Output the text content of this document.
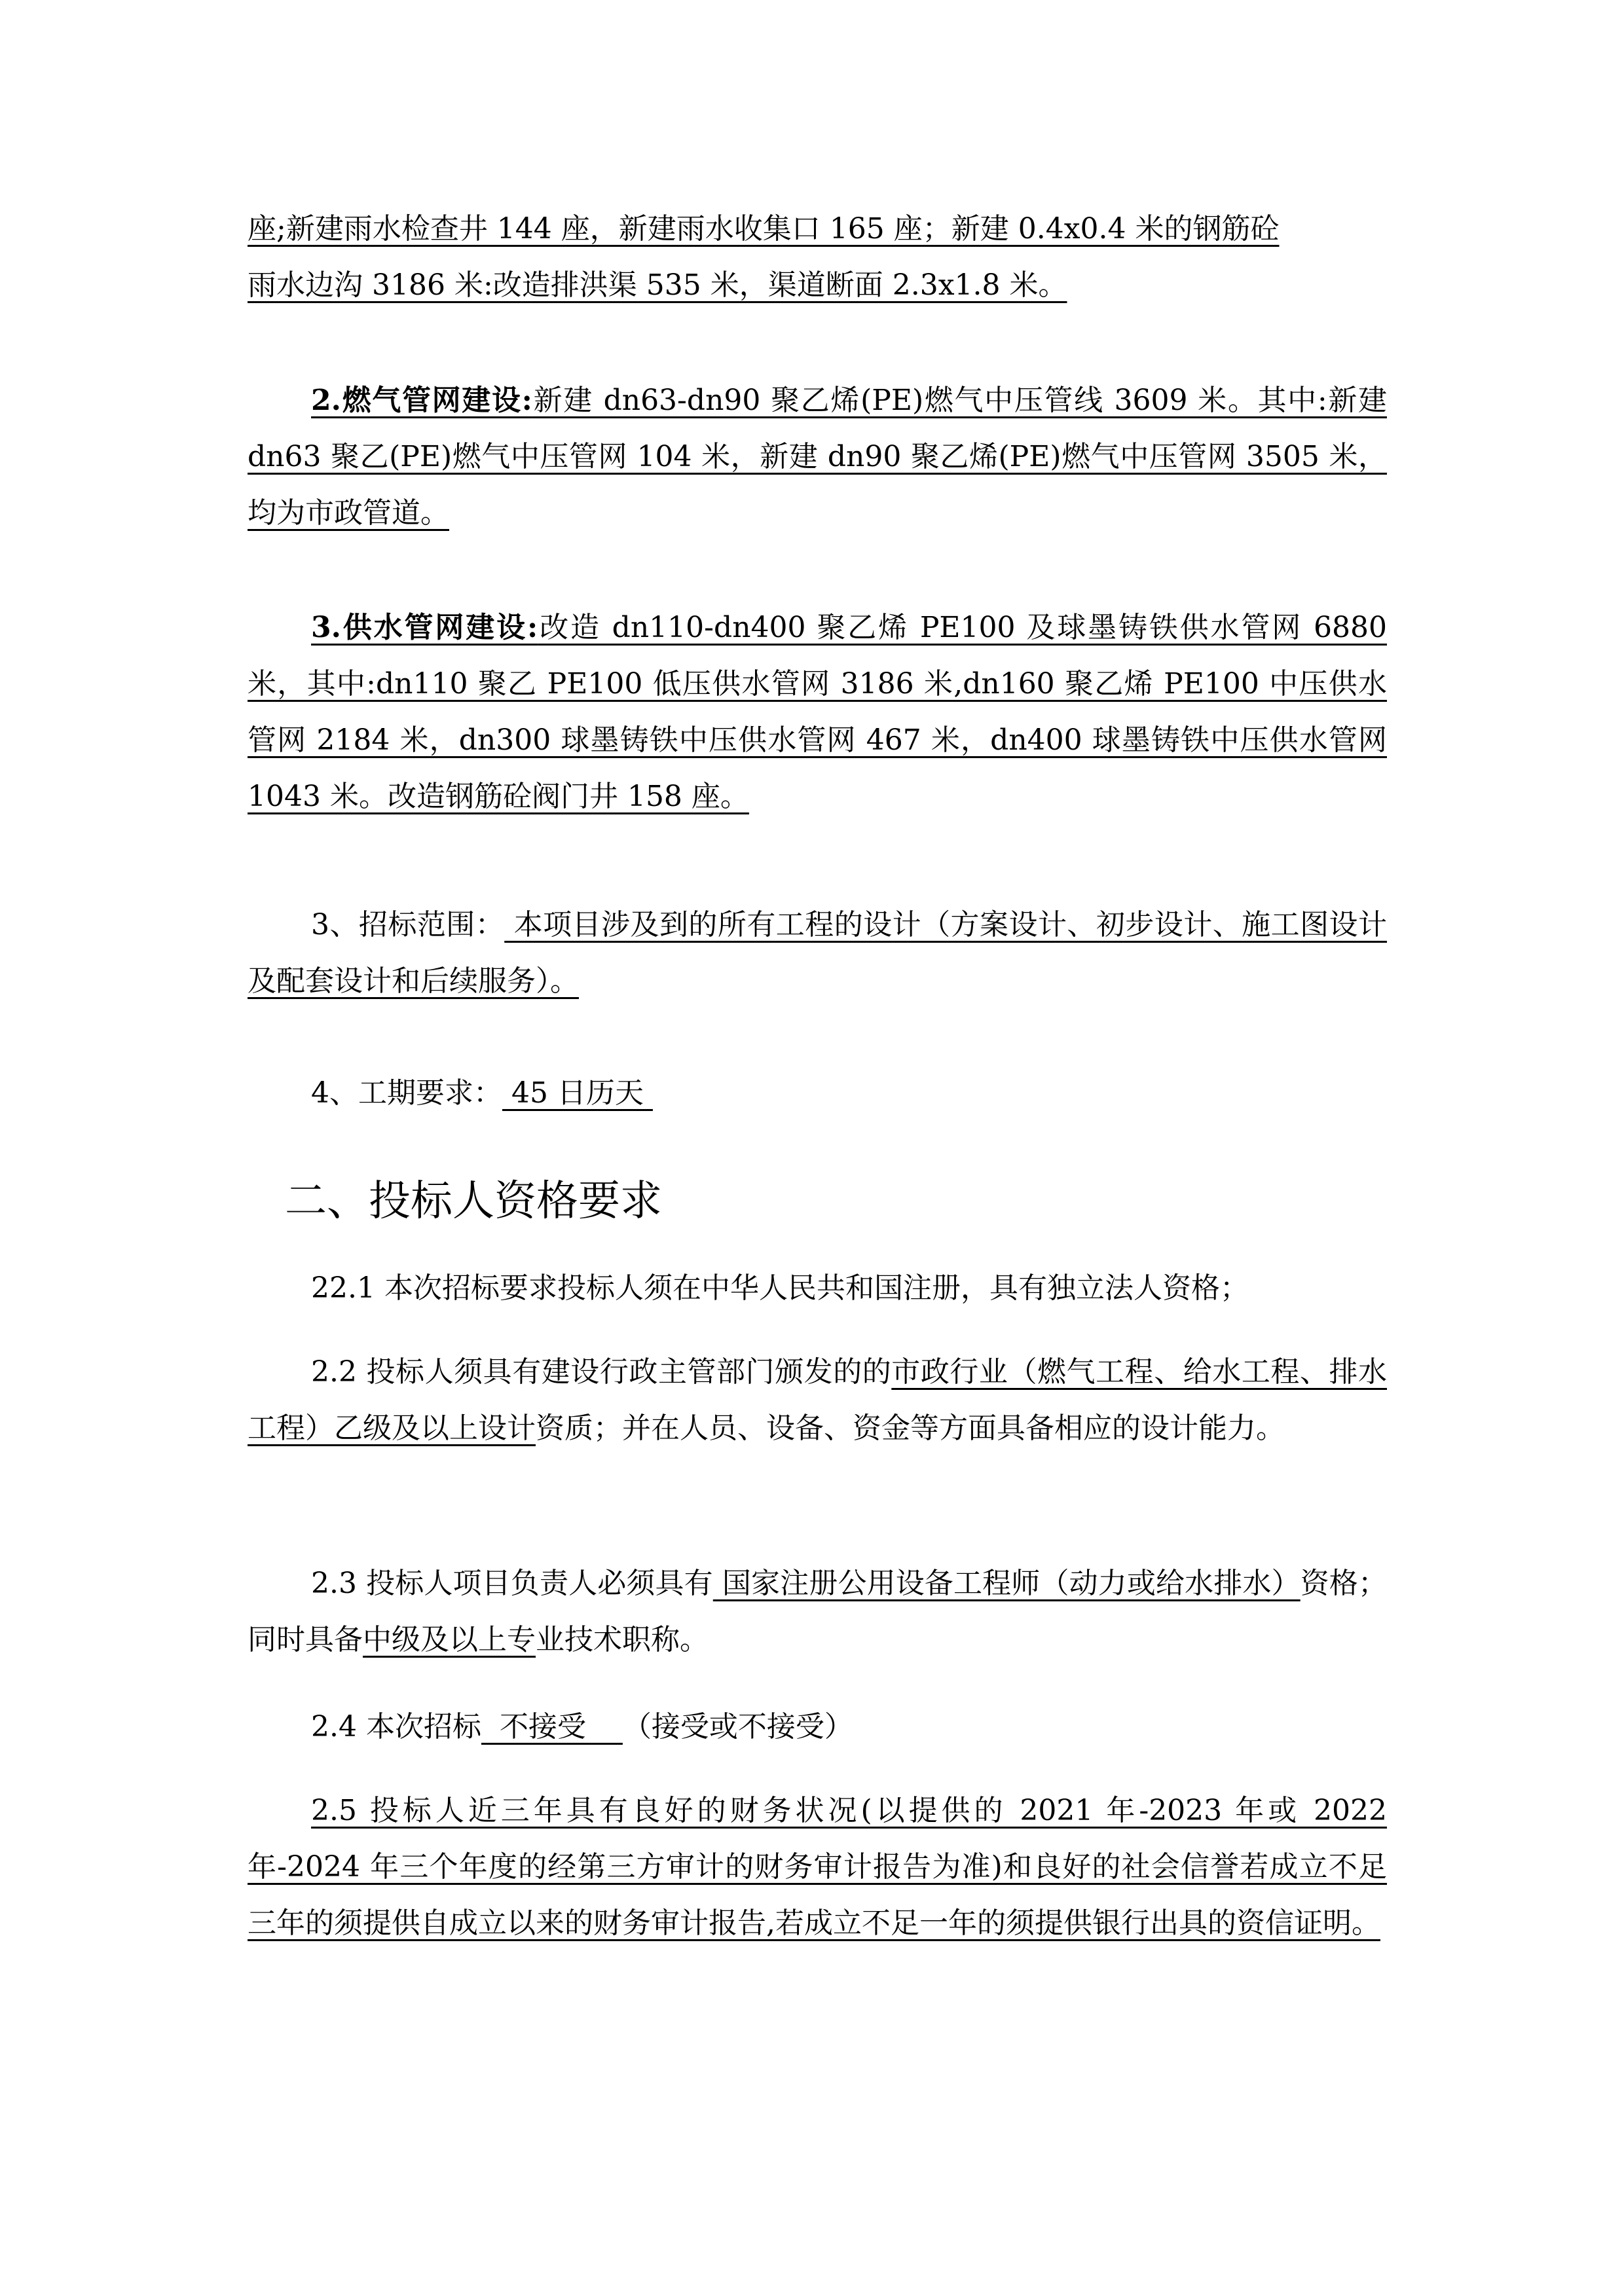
座;新建雨水检查井 144 座，新建雨水收集口 165 座；新建 0.4x0.4 米的钢筋砼
雨水边沟 3186 米:改造排洪渠 535 米，渠道断面 2.3x1.8 米。

2.燃气管网建设:新建 dn63-dn90 聚乙烯(PE)燃气中压管线 3609 米。其中:新建 dn63 聚乙(PE)燃气中压管网 104 米，新建 dn90 聚乙烯(PE)燃气中压管网 3505 米，均为市政管道。

3.供水管网建设:改造 dn110-dn400 聚乙烯 PE100 及球墨铸铁供水管网 6880 米，其中:dn110 聚乙 PE100 低压供水管网 3186 米,dn160 聚乙烯 PE100 中压供水管网 2184 米，dn300 球墨铸铁中压供水管网 467 米，dn400 球墨铸铁中压供水管网 1043 米。改造钢筋砼阀门井 158 座。

3、招标范围： 本项目涉及到的所有工程的设计（方案设计、初步设计、施工图设计及配套设计和后续服务）。

4、工期要求： 45 日历天

二、投标人资格要求

22.1 本次招标要求投标人须在中华人民共和国注册，具有独立法人资格；

2.2 投标人须具有建设行政主管部门颁发的的市政行业（燃气工程、给水工程、排水工程）乙级及以上设计资质；并在人员、设备、资金等方面具备相应的设计能力。

2.3 投标人项目负责人必须具有 国家注册公用设备工程师（动力或给水排水）资格；同时具备中级及以上专业技术职称。

2.4 本次招标  不接受    （接受或不接受）

2.5 投标人近三年具有良好的财务状况(以提供的 2021 年-2023 年或 2022年-2024 年三个年度的经第三方审计的财务审计报告为准)和良好的社会信誉若成立不足三年的须提供自成立以来的财务审计报告,若成立不足一年的须提供银行出具的资信证明。
